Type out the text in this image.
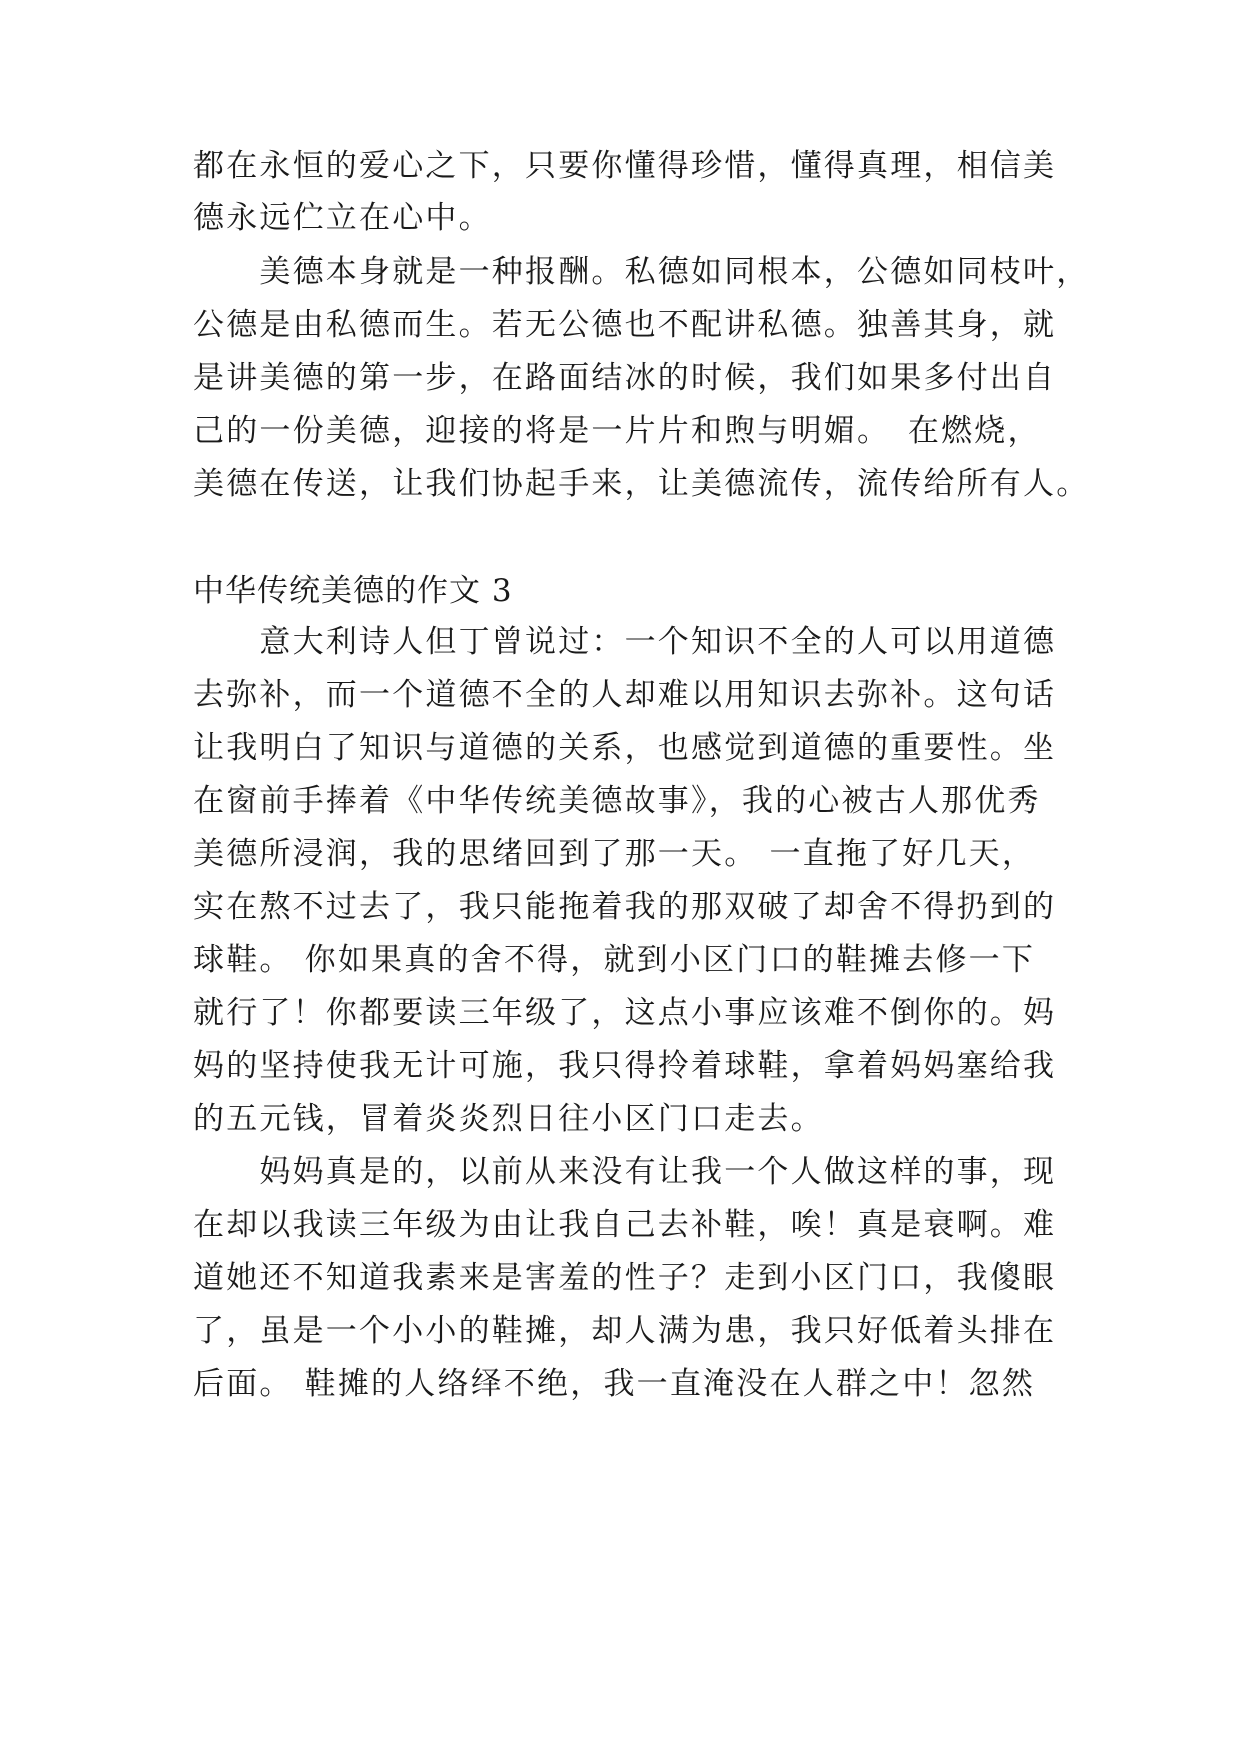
都在永恒的爱心之下，只要你懂得珍惜，懂得真理，相信美
德永远伫立在心中。
　　美德本身就是一种报酬。私德如同根本，公德如同枝叶，
公德是由私德而生。若无公德也不配讲私德。独善其身，就
是讲美德的第一步，在路面结冰的时候，我们如果多付出自
己的一份美德，迎接的将是一片片和煦与明媚。　在燃烧，
美德在传送，让我们协起手来，让美德流传，流传给所有人。
中华传统美德的作文 3
　　意大利诗人但丁曾说过：一个知识不全的人可以用道德
去弥补，而一个道德不全的人却难以用知识去弥补。这句话
让我明白了知识与道德的关系，也感觉到道德的重要性。坐
在窗前手捧着《中华传统美德故事》，我的心被古人那优秀
美德所浸润，我的思绪回到了那一天。 一直拖了好几天，
实在熬不过去了，我只能拖着我的那双破了却舍不得扔到的
球鞋。 你如果真的舍不得，就到小区门口的鞋摊去修一下
就行了！你都要读三年级了，这点小事应该难不倒你的。妈
妈的坚持使我无计可施，我只得拎着球鞋，拿着妈妈塞给我
的五元钱，冒着炎炎烈日往小区门口走去。
　　妈妈真是的，以前从来没有让我一个人做这样的事，现
在却以我读三年级为由让我自己去补鞋，唉！真是衰啊。难
道她还不知道我素来是害羞的性子？走到小区门口，我傻眼
了，虽是一个小小的鞋摊，却人满为患，我只好低着头排在
后面。 鞋摊的人络绎不绝，我一直淹没在人群之中！忽然
